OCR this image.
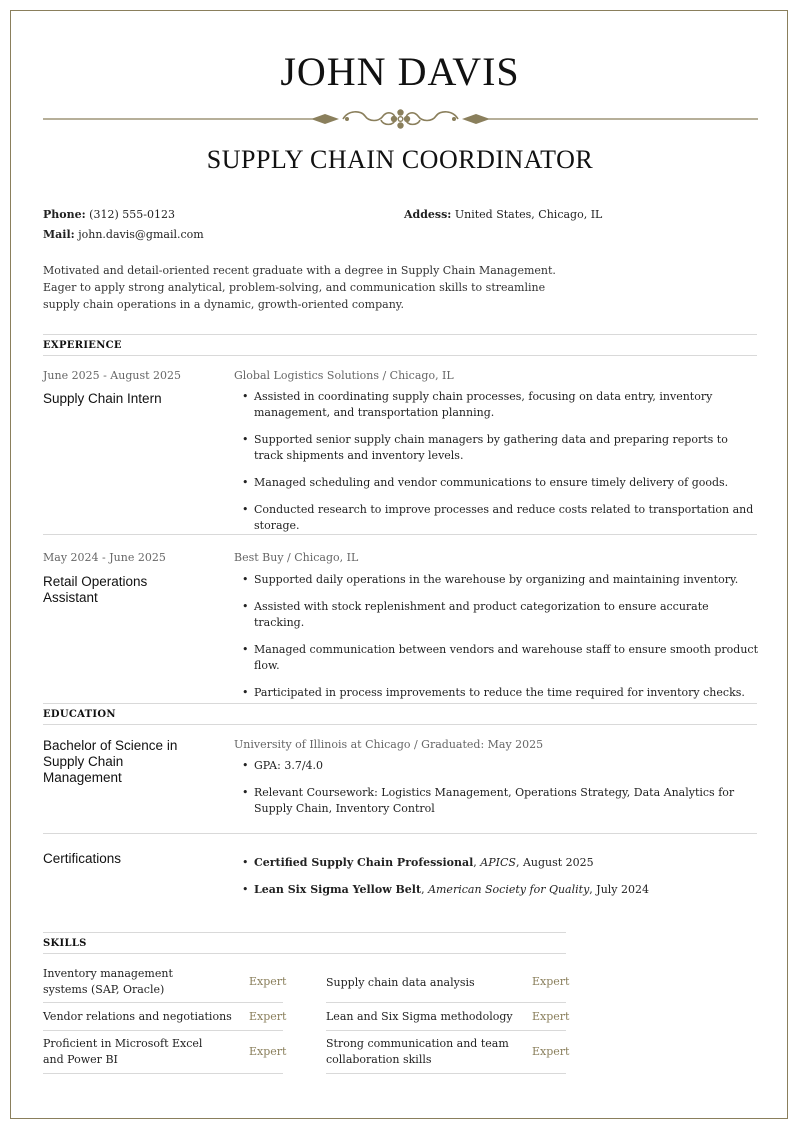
JOHN DAVIS
SUPPLY CHAIN COORDINATOR
Phone: (312) 555-0123
Mail: john.davis@gmail.com
Addess: United States, Chicago, IL
Motivated and detail-oriented recent graduate with a degree in Supply Chain Management. Eager to apply strong analytical, problem-solving, and communication skills to streamline supply chain operations in a dynamic, growth-oriented company.
EXPERIENCE
June 2025 - August 2025
Supply Chain Intern
Global Logistics Solutions / Chicago, IL
• Assisted in coordinating supply chain processes, focusing on data entry, inventory management, and transportation planning.
• Supported senior supply chain managers by gathering data and preparing reports to track shipments and inventory levels.
• Managed scheduling and vendor communications to ensure timely delivery of goods.
• Conducted research to improve processes and reduce costs related to transportation and storage.
May 2024 - June 2025
Retail Operations Assistant
Best Buy / Chicago, IL
• Supported daily operations in the warehouse by organizing and maintaining inventory.
• Assisted with stock replenishment and product categorization to ensure accurate tracking.
• Managed communication between vendors and warehouse staff to ensure smooth product flow.
• Participated in process improvements to reduce the time required for inventory checks.
EDUCATION
Bachelor of Science in Supply Chain Management
University of Illinois at Chicago / Graduated: May 2025
• GPA: 3.7/4.0
• Relevant Coursework: Logistics Management, Operations Strategy, Data Analytics for Supply Chain, Inventory Control
Certifications
•	Certified Supply Chain Professional, APICS, August 2025
• Lean Six Sigma Yellow Belt, American Society for Quality, July 2024
SKILLS
Inventory management systems (SAP, Oracle)
Expert	Supply chain data analysis	Expert
Vendor relations and negotiations Expert	Lean and Six Sigma methodology	Expert
Proficient in Microsoft Excel and Power BI
Expert
Strong communication and team collaboration skills
Expert
